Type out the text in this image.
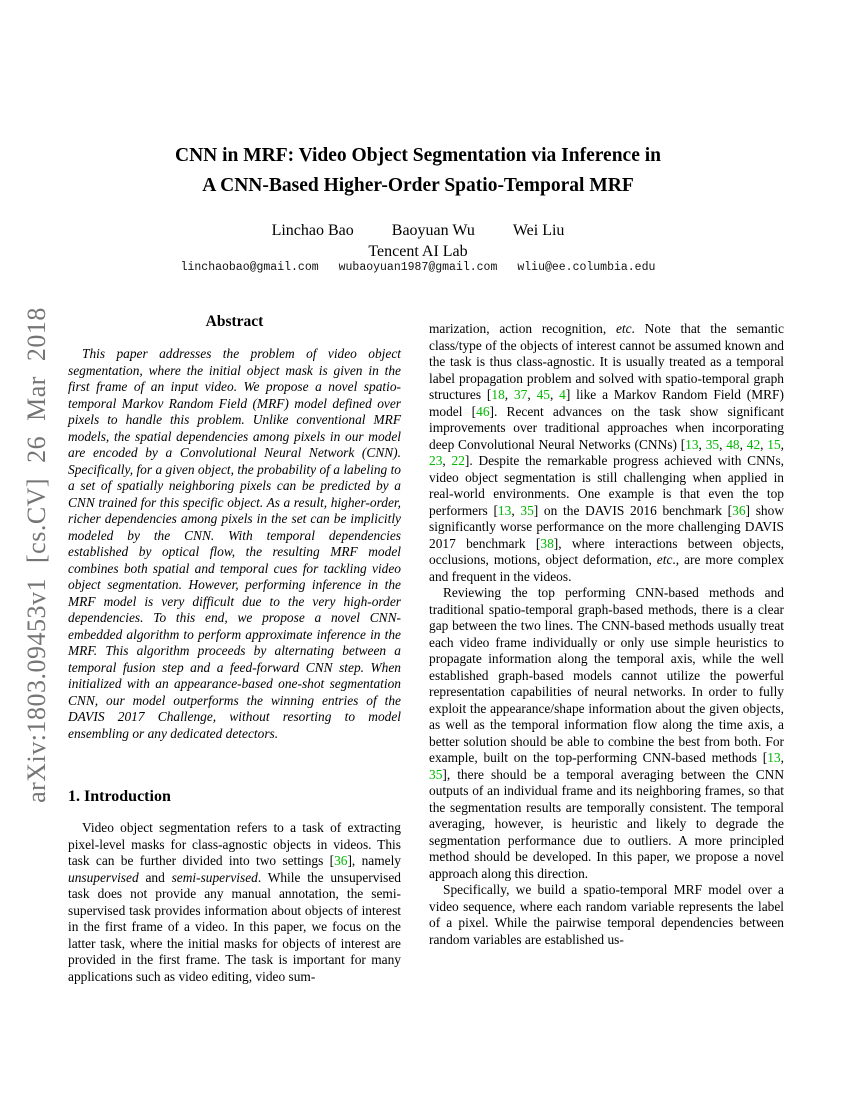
arXiv:1803.09453v1 [cs.CV] 26 Mar 2018
CNN in MRF: Video Object Segmentation via Inference in
A CNN-Based Higher-Order Spatio-Temporal MRF
Linchao Bao Baoyuan Wu Wei Liu
Tencent AI Lab
linchaobao@gmail.com wubaoyuan1987@gmail.com wliu@ee.columbia.edu
Abstract

This paper addresses the problem of video object segmentation, where the initial object mask is given in the first frame of an input video. We propose a novel spatio-temporal Markov Random Field (MRF) model defined over pixels to handle this problem. Unlike conventional MRF models, the spatial dependencies among pixels in our model are encoded by a Convolutional Neural Network (CNN). Specifically, for a given object, the probability of a labeling to a set of spatially neighboring pixels can be predicted by a CNN trained for this specific object. As a result, higher-order, richer dependencies among pixels in the set can be implicitly modeled by the CNN. With temporal dependencies established by optical flow, the resulting MRF model combines both spatial and temporal cues for tackling video object segmentation. However, performing inference in the MRF model is very difficult due to the very high-order dependencies. To this end, we propose a novel CNN-embedded algorithm to perform approximate inference in the MRF. This algorithm proceeds by alternating between a temporal fusion step and a feed-forward CNN step. When initialized with an appearance-based one-shot segmentation CNN, our model outperforms the winning entries of the DAVIS 2017 Challenge, without resorting to model ensembling or any dedicated detectors.

1. Introduction

Video object segmentation refers to a task of extracting pixel-level masks for class-agnostic objects in videos. This task can be further divided into two settings [36], namely unsupervised and semi-supervised. While the unsupervised task does not provide any manual annotation, the semi-supervised task provides information about objects of interest in the first frame of a video. In this paper, we focus on the latter task, where the initial masks for objects of interest are provided in the first frame. The task is important for many applications such as video editing, video sum-

marization, action recognition, etc. Note that the semantic class/type of the objects of interest cannot be assumed known and the task is thus class-agnostic. It is usually treated as a temporal label propagation problem and solved with spatio-temporal graph structures [18, 37, 45, 4] like a Markov Random Field (MRF) model [46]. Recent advances on the task show significant improvements over traditional approaches when incorporating deep Convolutional Neural Networks (CNNs) [13, 35, 48, 42, 15, 23, 22]. Despite the remarkable progress achieved with CNNs, video object segmentation is still challenging when applied in real-world environments. One example is that even the top performers [13, 35] on the DAVIS 2016 benchmark [36] show significantly worse performance on the more challenging DAVIS 2017 benchmark [38], where interactions between objects, occlusions, motions, object deformation, etc., are more complex and frequent in the videos.

Reviewing the top performing CNN-based methods and traditional spatio-temporal graph-based methods, there is a clear gap between the two lines. The CNN-based methods usually treat each video frame individually or only use simple heuristics to propagate information along the temporal axis, while the well established graph-based models cannot utilize the powerful representation capabilities of neural networks. In order to fully exploit the appearance/shape information about the given objects, as well as the temporal information flow along the time axis, a better solution should be able to combine the best from both. For example, built on the top-performing CNN-based methods [13, 35], there should be a temporal averaging between the CNN outputs of an individual frame and its neighboring frames, so that the segmentation results are temporally consistent. The temporal averaging, however, is heuristic and likely to degrade the segmentation performance due to outliers. A more principled method should be developed. In this paper, we propose a novel approach along this direction.

Specifically, we build a spatio-temporal MRF model over a video sequence, where each random variable represents the label of a pixel. While the pairwise temporal dependencies between random variables are established us-
